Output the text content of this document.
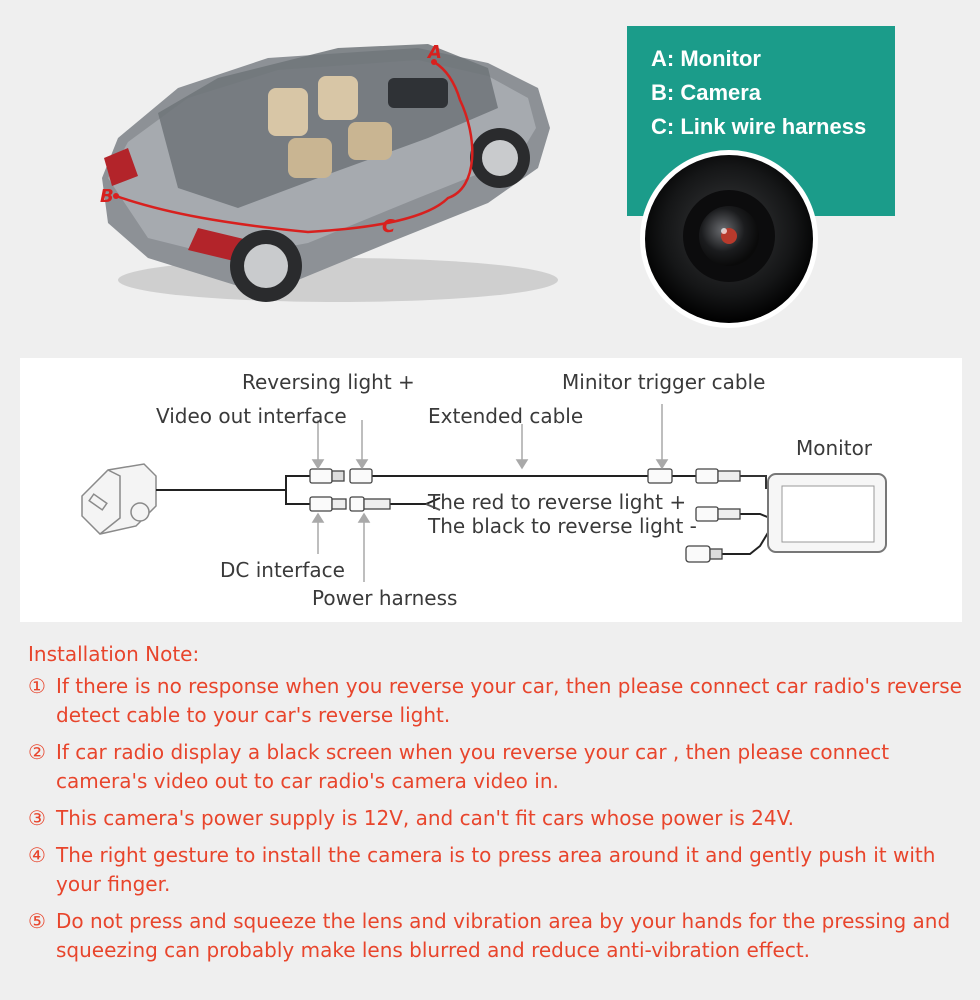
A
B
C
A: Monitor
B: Camera
C: Link wire harness
Reversing light +
Video out interface	Extended cable
Minitor trigger cable
Monitor
The red to reverse light +
The black to reverse light -
DC interface
Power harness
Installation Note:
① If there is no response when you reverse your car, then please connect car radio's reverse detect cable to your car's reverse light.
② If car radio display a black screen when you reverse your car , then please connect camera's video out to car radio's camera video in.
③ This camera's power supply is 12V, and can't fit cars whose power is 24V.
④ The right gesture to install the camera is to press area around it and gently push it with your finger.
⑤ Do not press and squeeze the lens and vibration area by your hands for the pressing and squeezing can probably make lens blurred and reduce anti-vibration effect.
